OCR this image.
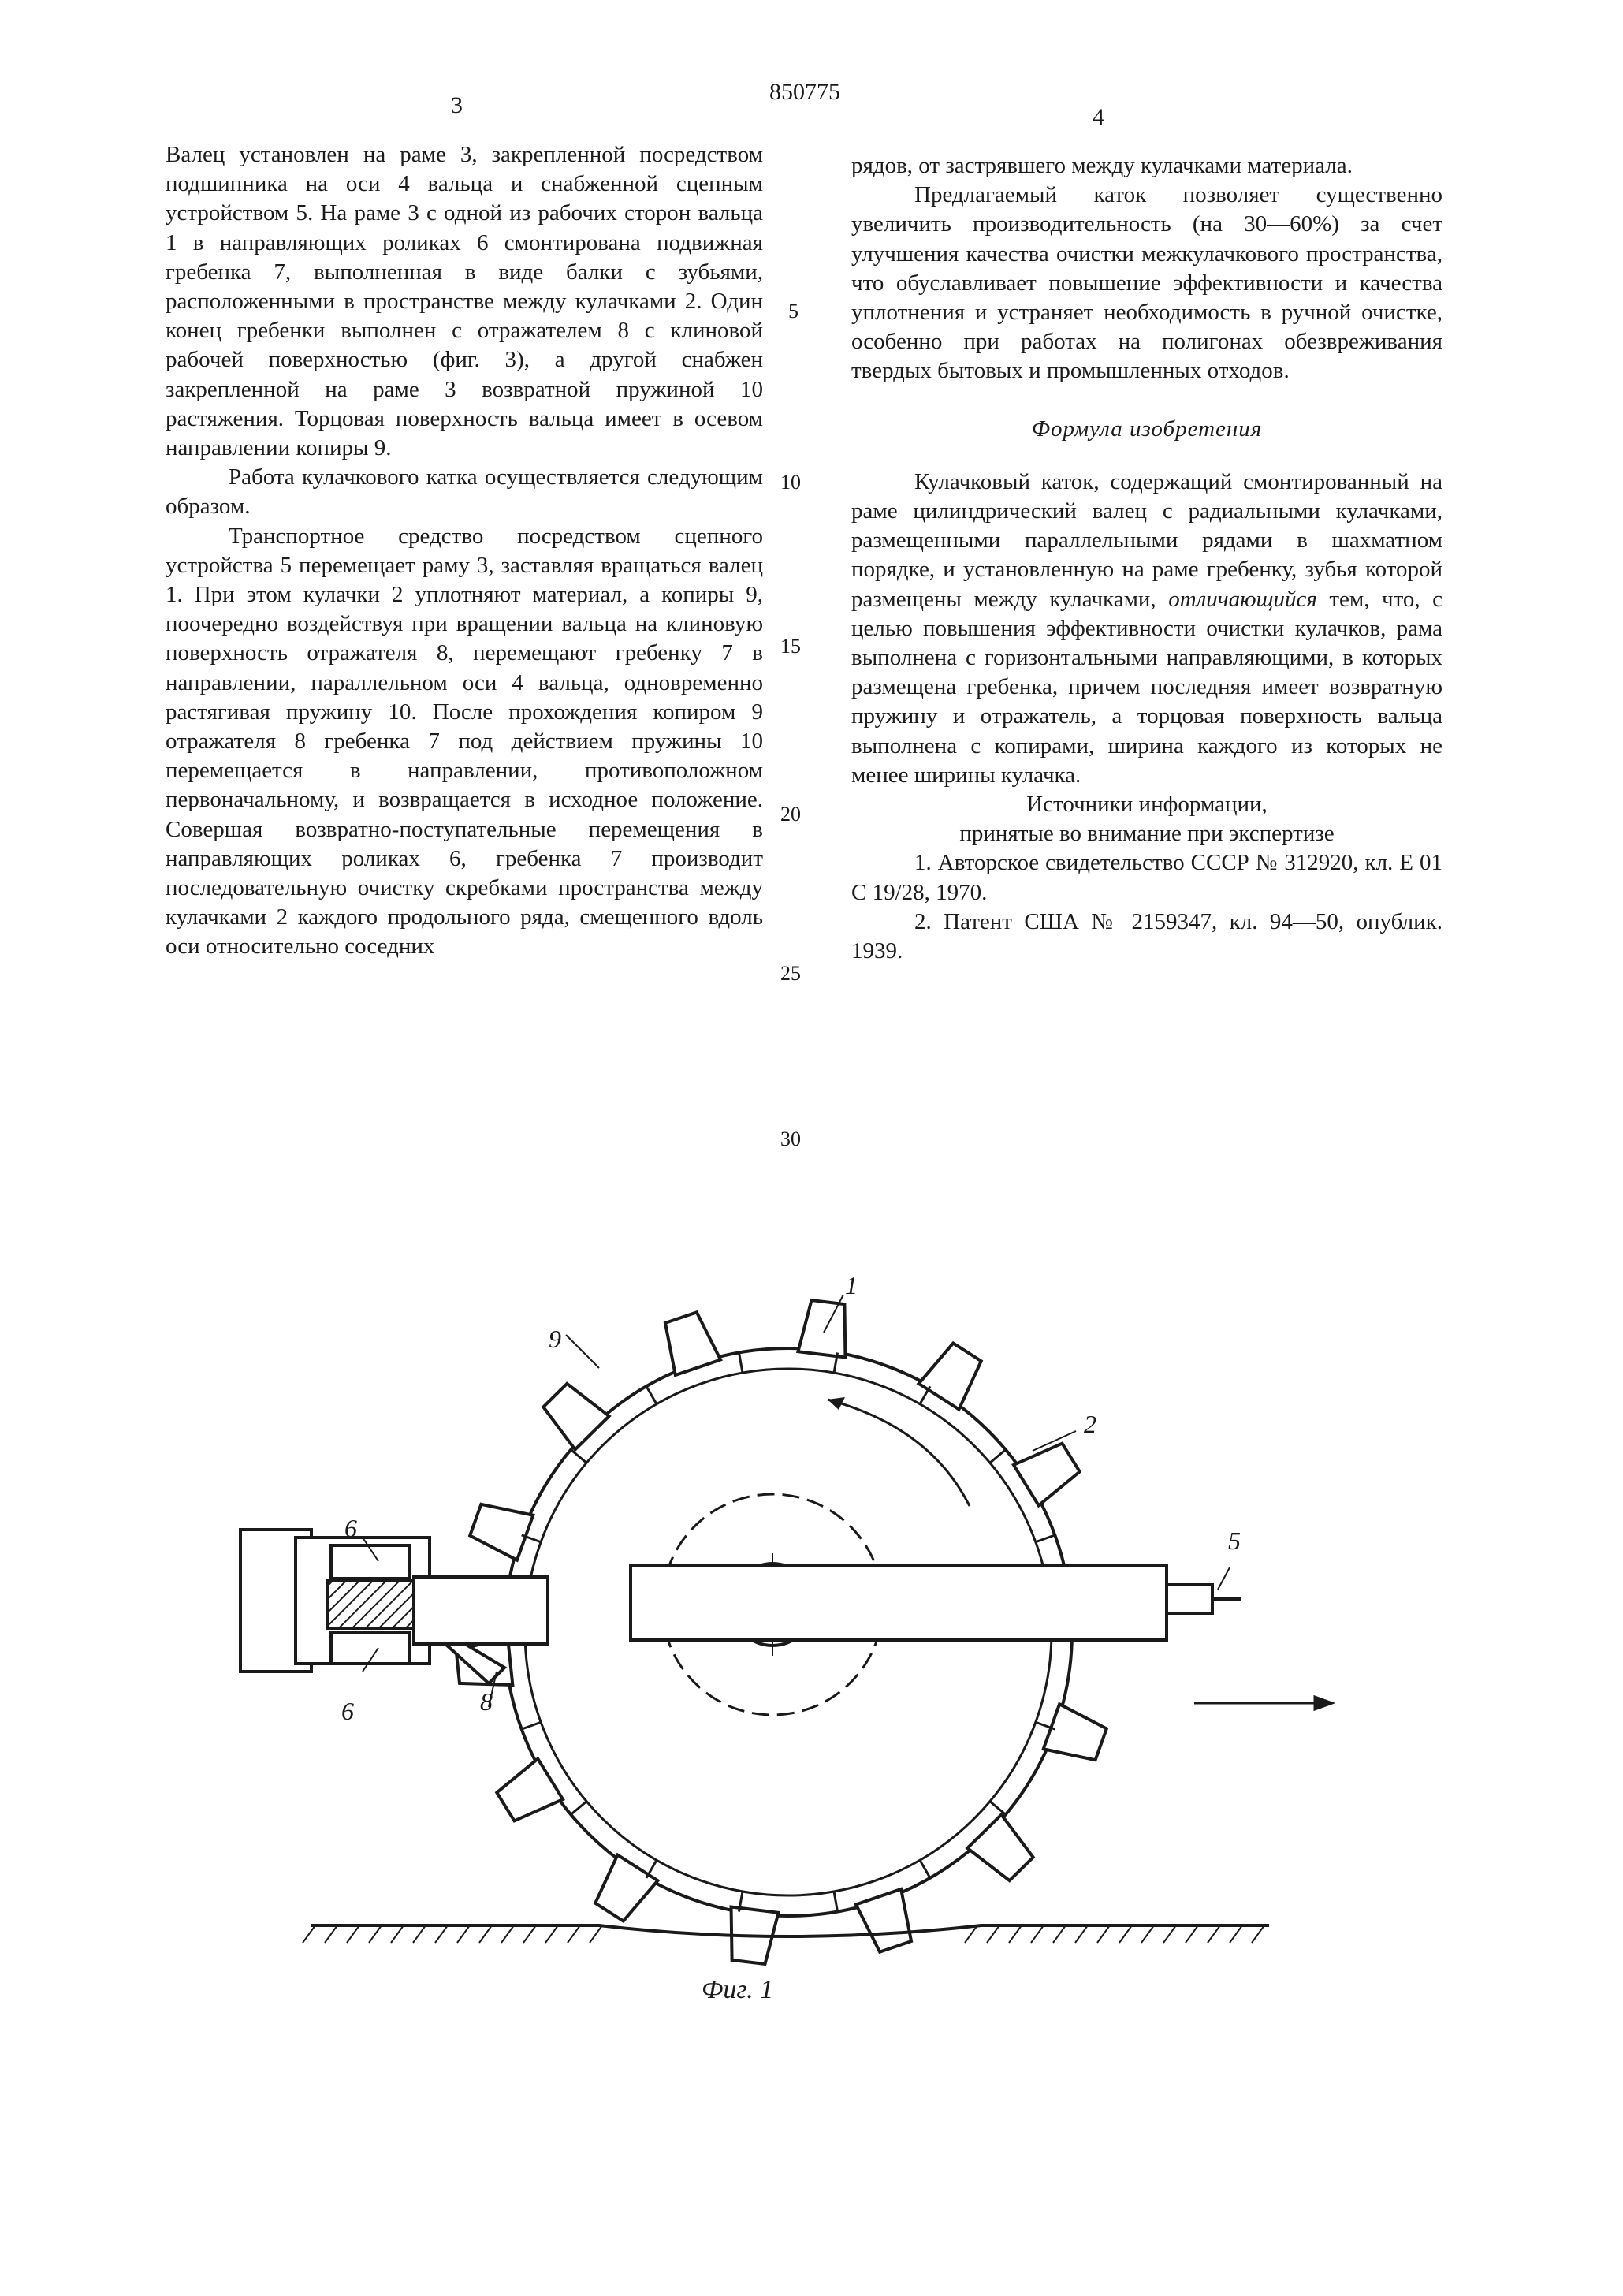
3
850775
4

Валец установлен на раме 3, закрепленной посредством подшипника на оси 4 вальца и снабженной сцепным устройством 5. На раме 3 с одной из рабочих сторон вальца 1 в направляющих роликах 6 смонтирована подвижная гребенка 7, выполненная в виде балки с зубьями, расположенными в пространстве между кулачками 2. Один конец гребенки выполнен с отражателем 8 с клиновой рабочей поверхностью (фиг. 3), а другой снабжен закрепленной на раме 3 возвратной пружиной 10 растяжения. Торцовая поверхность вальца имеет в осевом направлении копиры 9.

Работа кулачкового катка осуществляется следующим образом.

Транспортное средство посредством сцепного устройства 5 перемещает раму 3, заставляя вращаться валец 1. При этом кулачки 2 уплотняют материал, а копиры 9, поочередно воздействуя при вращении вальца на клиновую поверхность отражателя 8, перемещают гребенку 7 в направлении, параллельном оси 4 вальца, одновременно растягивая пружину 10. После прохождения копиром 9 отражателя 8 гребенка 7 под действием пружины 10 перемещается в направлении, противоположном первоначальному, и возвращается в исходное положение. Совершая возвратно-поступательные перемещения в направляющих роликах 6, гребенка 7 производит последовательную очистку скребками пространства между кулачками 2 каждого продольного ряда, смещенного вдоль оси относительно соседних

5
10
15
20
25
30

рядов, от застрявшего между кулачками материала.

Предлагаемый каток позволяет существенно увеличить производительность (на 30—60%) за счет улучшения качества очистки межкулачкового пространства, что обуславливает повышение эффективности и качества уплотнения и устраняет необходимость в ручной очистке, особенно при работах на полигонах обезвреживания твердых бытовых и промышленных отходов.

Формула изобретения

Кулачковый каток, содержащий смонтированный на раме цилиндрический валец с радиальными кулачками, размещенными параллельными рядами в шахматном порядке, и установленную на раме гребенку, зубья которой размещены между кулачками, отличающийся тем, что, с целью повышения эффективности очистки кулачков, рама выполнена с горизонтальными направляющими, в которых размещена гребенка, причем последняя имеет возвратную пружину и отражатель, а торцовая поверхность вальца выполнена с копирами, ширина каждого из которых не менее ширины кулачка.

Источники информации,

принятые во внимание при экспертизе

1. Авторское свидетельство СССР № 312920, кл. Е 01 С 19/28, 1970.

2. Патент США № 2159347, кл. 94—50, опублик. 1939.

1
2
5
6
6	8
9
Фиг. 1
